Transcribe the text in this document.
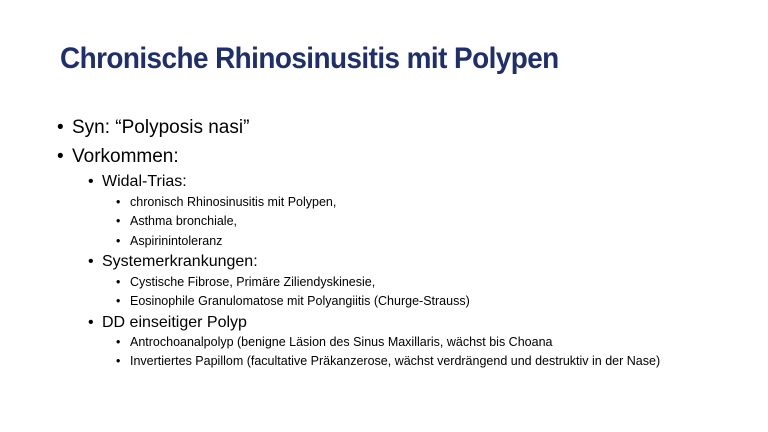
Chronische Rhinosinusitis mit Polypen
• Syn: “Polyposis nasi”
• Vorkommen:
• Widal-Trias:
• chronisch Rhinosinusitis mit Polypen,
• Asthma bronchiale,
• Aspirinintoleranz
• Systemerkrankungen:
• Cystische Fibrose, Primäre Ziliendyskinesie,
• Eosinophile Granulomatose mit Polyangiitis (Churge-Strauss)
• DD einseitiger Polyp
• Antrochoanalpolyp (benigne Läsion des Sinus Maxillaris, wächst bis Choana
• Invertiertes Papillom (facultative Präkanzerose, wächst verdrängend und destruktiv in der Nase)
